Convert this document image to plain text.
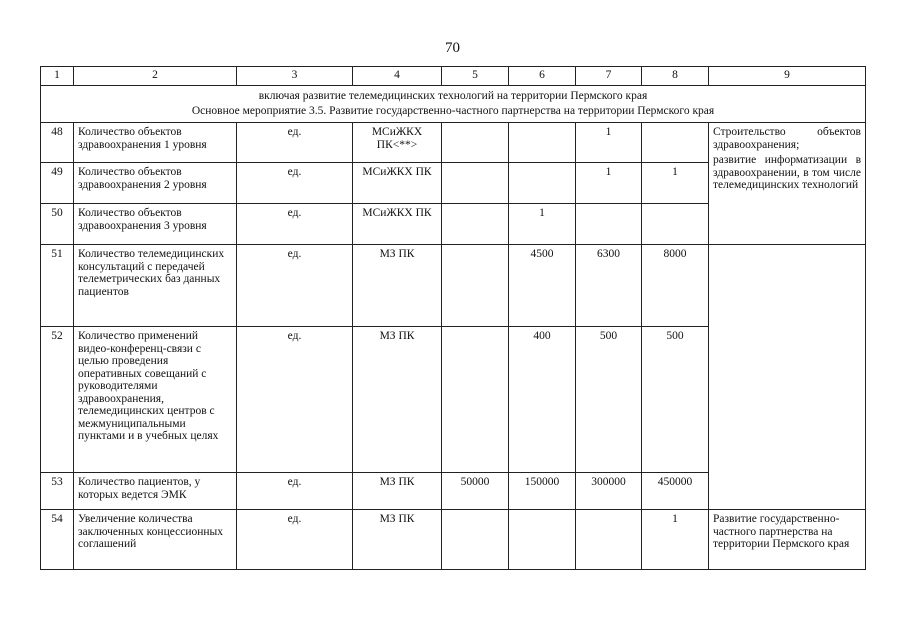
70
1	2	3	4	5	6	7	8	9

включая развитие телемедицинских технологий на территории Пермского края
Основное мероприятие 3.5. Развитие государственно-частного партнерства на территории Пермского края								

48	Количество объектов здравоохранения 1 уровня	ед.	МСиЖКХ ПК<**>			1		Строительство объектов здравоохранения;
развитие информатизации в здравоохранении, в том числе телемедицинских технологий

49	Количество объектов здравоохранения 2 уровня	ед.	МСиЖКХ ПК			1	1	
50	Количество объектов здравоохранения 3 уровня	ед.	МСиЖКХ ПК		1			
51	Количество телемедицинских консультаций с передачей телеметрических баз данных пациентов	ед.	МЗ ПК		4500	6300	8000	
52	Количество применений видео-конференц-связи с целью проведения оперативных совещаний с руководителями здравоохранения, телемедицинских центров с межмуниципальными пунктами и в учебных целях	ед.	МЗ ПК		400	500	500	
53	Количество пациентов, у которых ведется ЭМК	ед.	МЗ ПК	50000	150000	300000	450000	
54	Увеличение количества заключенных концессионных соглашений	ед.	МЗ ПК				1	Развитие государственно-частного партнерства на территории Пермского края
